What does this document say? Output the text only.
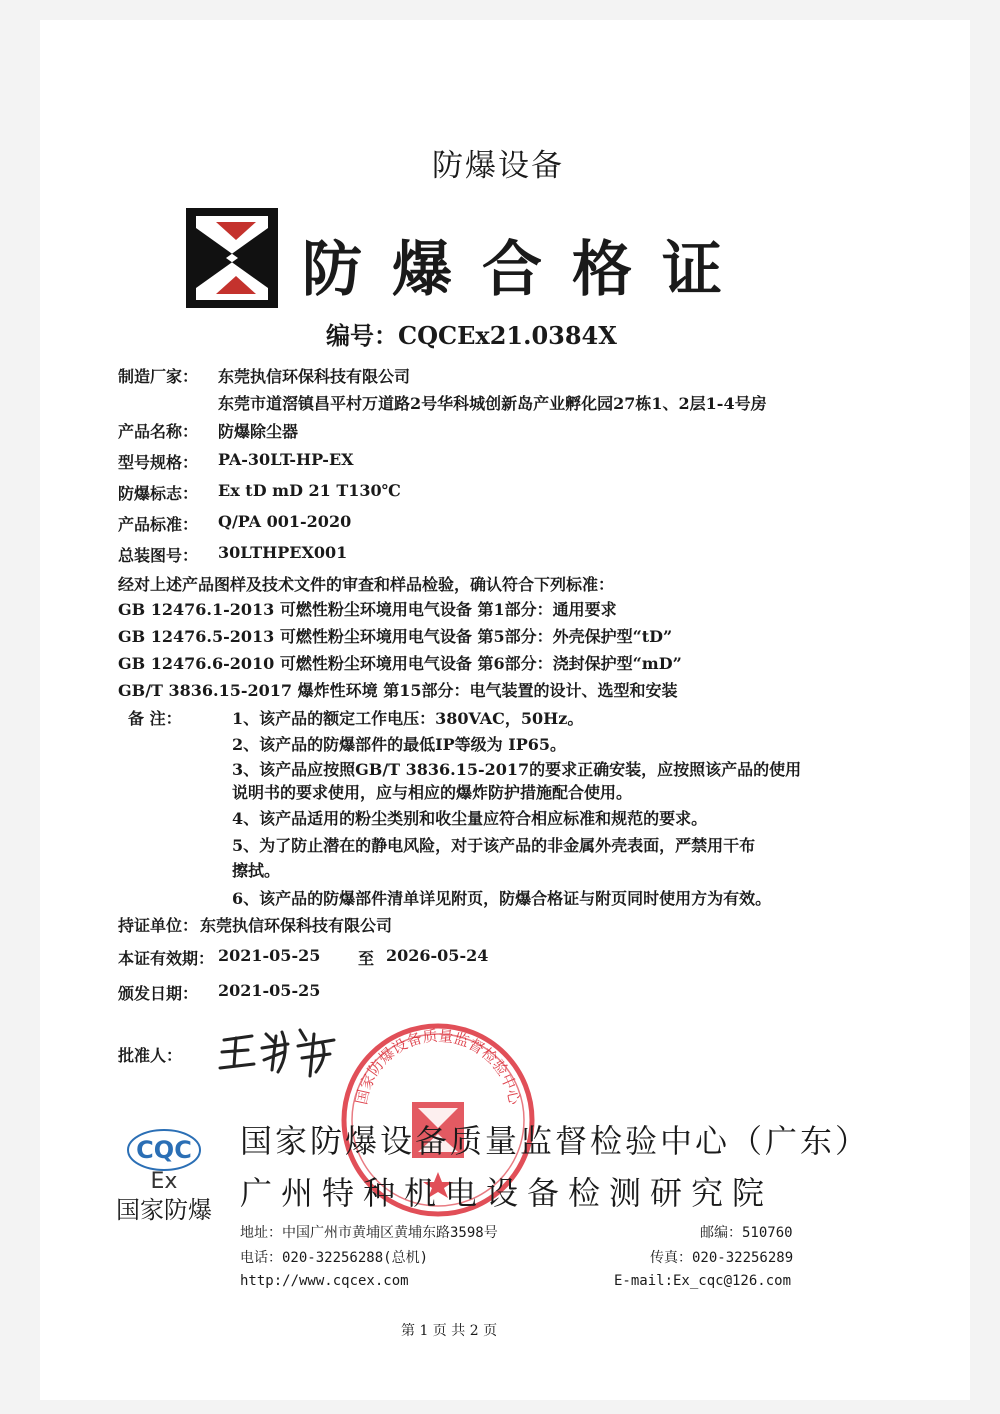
防爆设备
防爆合格证
编号：CQCEx21.0384X
制造厂家： 东莞执信环保科技有限公司
东莞市道滘镇昌平村万道路2号华科城创新岛产业孵化园27栋1、2层1-4号房
产品名称： 防爆除尘器
型号规格： PA-30LT-HP-EX
防爆标志： Ex tD mD 21 T130℃
产品标准： Q/PA 001-2020
总装图号： 30LTHPEX001
经对上述产品图样及技术文件的审查和样品检验，确认符合下列标准：
GB 12476.1-2013 可燃性粉尘环境用电气设备 第1部分：通用要求
GB 12476.5-2013 可燃性粉尘环境用电气设备 第5部分：外壳保护型“tD”
GB 12476.6-2010 可燃性粉尘环境用电气设备 第6部分：浇封保护型“mD”
GB/T 3836.15-2017 爆炸性环境 第15部分：电气装置的设计、选型和安装
备 注：	1、该产品的额定工作电压：380VAC，50Hz。
2、该产品的防爆部件的最低IP等级为 IP65。
3、该产品应按照GB/T 3836.15-2017的要求正确安装，应按照该产品的使用
说明书的要求使用，应与相应的爆炸防护措施配合使用。
4、该产品适用的粉尘类别和收尘量应符合相应标准和规范的要求。
5、为了防止潜在的静电风险，对于该产品的非金属外壳表面，严禁用干布
擦拭。
6、该产品的防爆部件清单详见附页，防爆合格证与附页同时使用方为有效。
持证单位： 东莞执信环保科技有限公司
本证有效期： 2021-05-25 至 2026-05-24
颁发日期： 2021-05-25
批准人：
国家防爆设备质量监督检验中心
CQC
Ex
国家防爆
国家防爆设备质量监督检验中心（广东）
广州特种机电设备检测研究院
地址：中国广州市黄埔区黄埔东路3598号	邮编：510760
电话：020-32256288(总机)	传真：020-32256289
http://www.cqcex.com	E-mail:Ex_cqc@126.com
第 1 页 共 2 页
